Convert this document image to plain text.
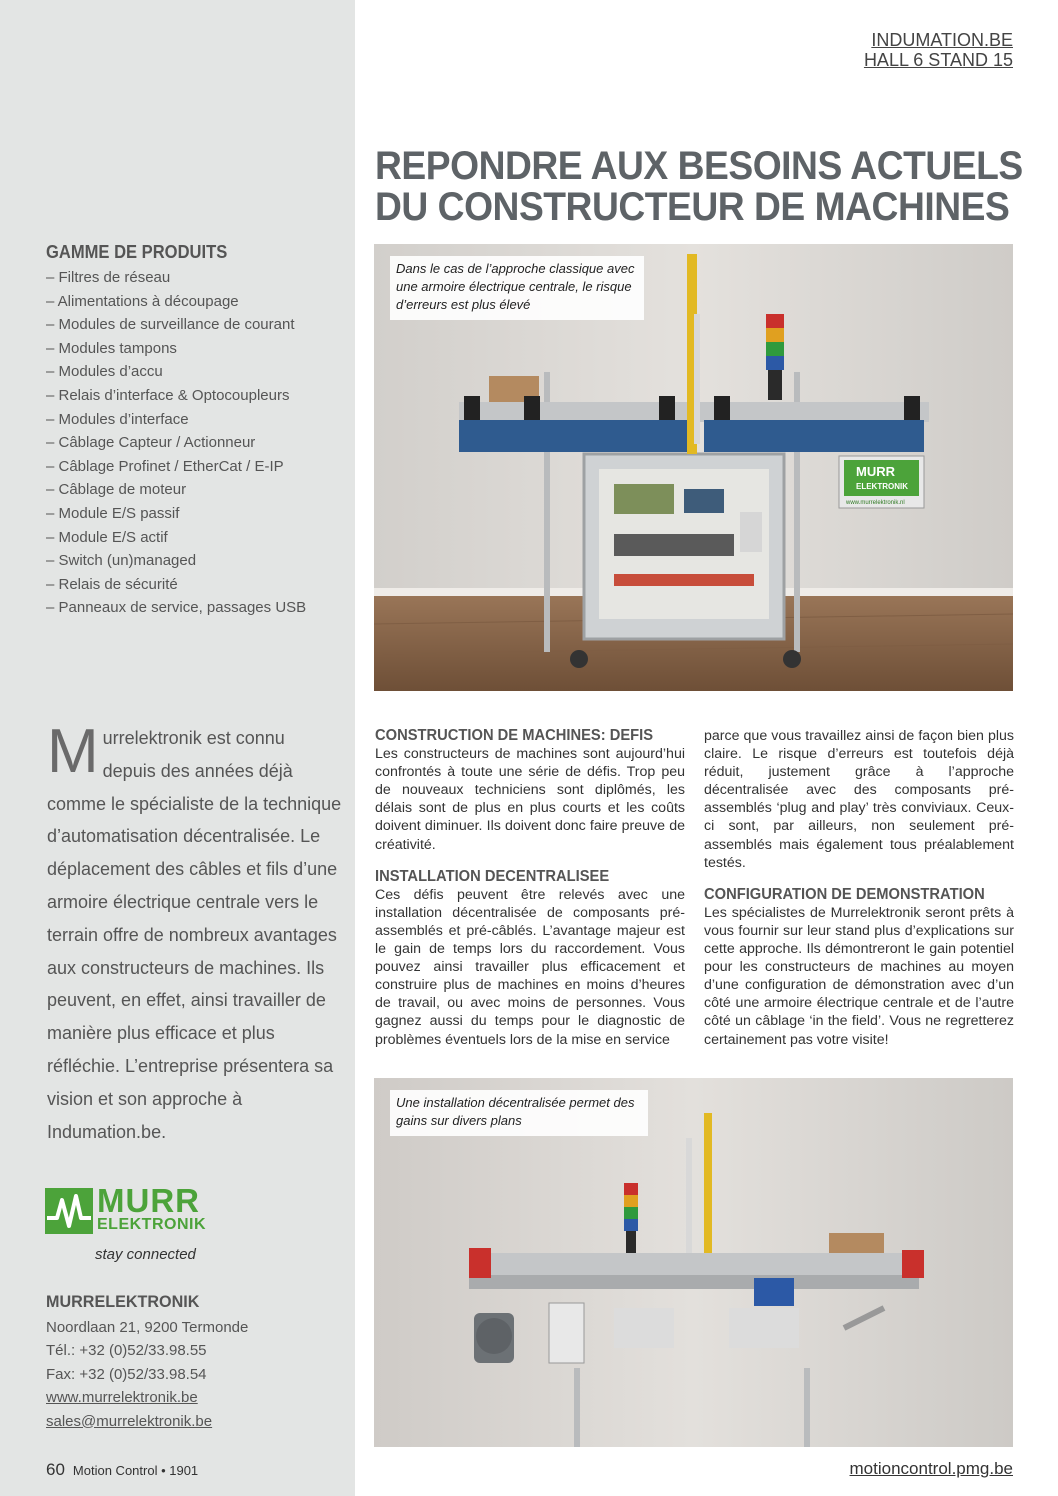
INDUMATION.BE
HALL 6 STAND 15
REPONDRE AUX BESOINS ACTUELS
DU CONSTRUCTEUR DE MACHINES
GAMME DE PRODUITS
– Filtres de réseau
– Alimentations à découpage
– Modules de surveillance de courant
– Modules tampons
– Modules d’accu
– Relais d’interface & Optocoupleurs
– Modules d’interface
– Câblage Capteur / Actionneur
– Câblage Profinet / EtherCat / E-IP
– Câblage de moteur
– Module E/S passif
– Module E/S actif
– Switch (un)managed
– Relais de sécurité
– Panneaux de service, passages USB
Murrelektronik est connu depuis des années déjà comme le spécialiste de la technique d’automatisation décentralisée. Le déplacement des câbles et fils d’une armoire électrique centrale vers le terrain offre de nombreux avantages aux constructeurs de machines. Ils peuvent, en effet, ainsi travailler de manière plus efficace et plus réfléchie. L’entreprise présentera sa vision et son approche à Indumation.be.
MURR
ELEKTRONIK
stay connected
MURRELEKTRONIK
Noordlaan 21, 9200 Termonde
Tél.: +32 (0)52/33.98.55
Fax: +32 (0)52/33.98.54
www.murrelektronik.be
sales@murrelektronik.be
MURR
ELEKTRONIK
www.murrelektronik.nl
Dans le cas de l’approche classique avec une armoire électrique centrale, le risque d’erreurs est plus élevé
CONSTRUCTION DE MACHINES: DEFIS

Les constructeurs de machines sont aujourd’hui confrontés à toute une série de défis. Trop peu de nouveaux techniciens sont diplômés, les délais sont de plus en plus courts et les coûts doivent diminuer. Ils doivent donc faire preuve de créativité.

INSTALLATION DECENTRALISEE

Ces défis peuvent être relevés avec une installation décentralisée de composants pré-assemblés et pré-câblés. L’avantage majeur est le gain de temps lors du raccordement. Vous pouvez ainsi travailler plus efficacement et construire plus de machines en moins d’heures de travail, ou avec moins de personnes. Vous gagnez aussi du temps pour le diagnostic de problèmes éventuels lors de la mise en service

parce que vous travaillez ainsi de façon bien plus claire. Le risque d’erreurs est toutefois déjà réduit, justement grâce à l’approche décentralisée avec des composants pré-assemblés ‘plug and play’ très conviviaux. Ceux-ci sont, par ailleurs, non seulement pré-assemblés mais également tous préalablement testés.

CONFIGURATION DE DEMONSTRATION

Les spécialistes de Murrelektronik seront prêts à vous fournir sur leur stand plus d’explications sur cette approche. Ils démontreront le gain potentiel pour les constructeurs de machines au moyen d’une configuration de démonstration avec d’un côté une armoire électrique centrale et de l’autre côté un câblage ‘in the field’. Vous ne regretterez certainement pas votre visite!

Une installation décentralisée permet des gains sur divers plans
60 Motion Control • 1901	motioncontrol.pmg.be
